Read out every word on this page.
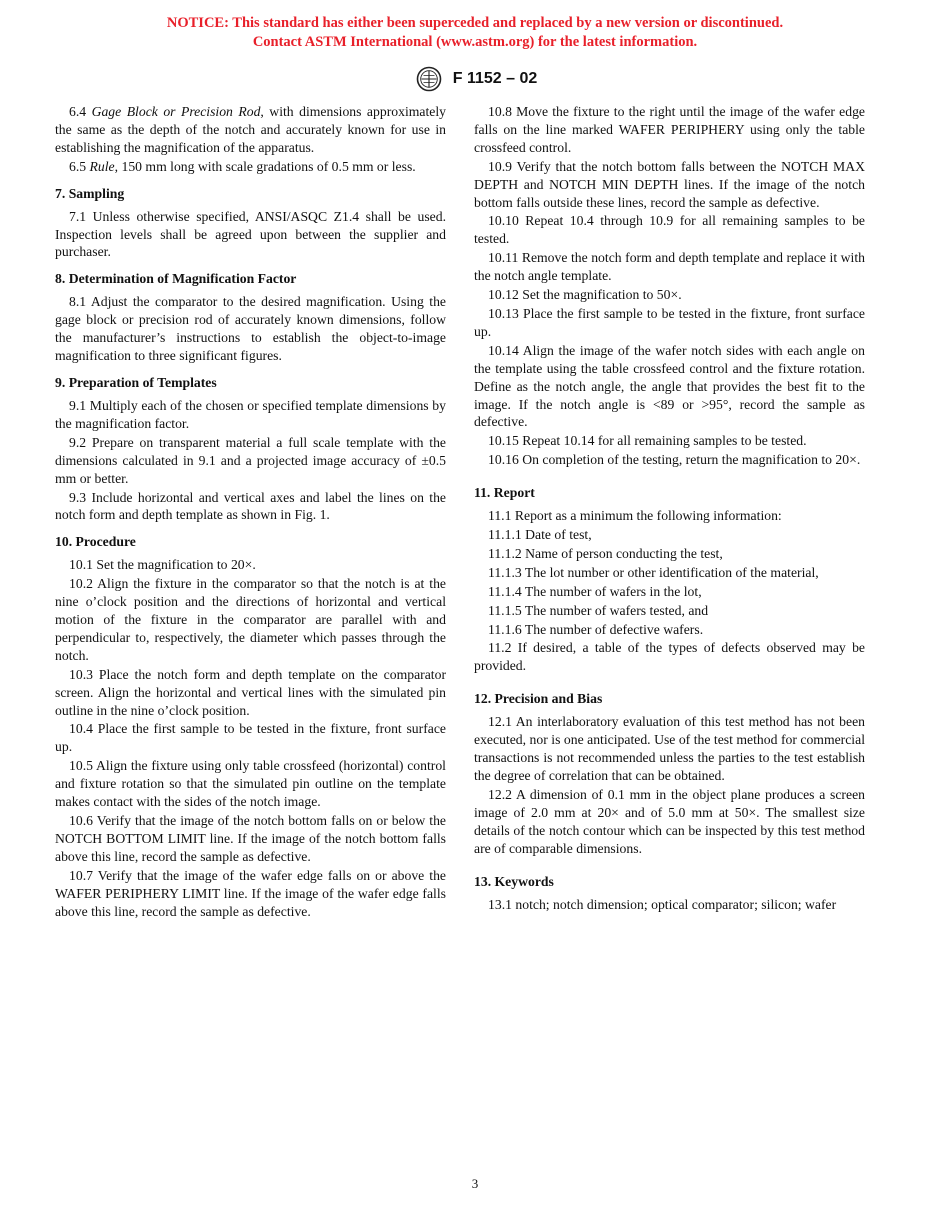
NOTICE: This standard has either been superceded and replaced by a new version or discontinued.
Contact ASTM International (www.astm.org) for the latest information.
F 1152 – 02

6.4 Gage Block or Precision Rod, with dimensions approximately the same as the depth of the notch and accurately known for use in establishing the magnification of the apparatus.

6.5 Rule, 150 mm long with scale gradations of 0.5 mm or less.

7. Sampling

7.1 Unless otherwise specified, ANSI/ASQC Z1.4 shall be used. Inspection levels shall be agreed upon between the supplier and purchaser.

8. Determination of Magnification Factor

8.1 Adjust the comparator to the desired magnification. Using the gage block or precision rod of accurately known dimensions, follow the manufacturer’s instructions to establish the object-to-image magnification to three significant figures.

9. Preparation of Templates

9.1 Multiply each of the chosen or specified template dimensions by the magnification factor.

9.2 Prepare on transparent material a full scale template with the dimensions calculated in 9.1 and a projected image accuracy of ±0.5 mm or better.

9.3 Include horizontal and vertical axes and label the lines on the notch form and depth template as shown in Fig. 1.

10. Procedure

10.1 Set the magnification to 20×.

10.2 Align the fixture in the comparator so that the notch is at the nine o’clock position and the directions of horizontal and vertical motion of the fixture in the comparator are parallel with and perpendicular to, respectively, the diameter which passes through the notch.

10.3 Place the notch form and depth template on the comparator screen. Align the horizontal and vertical lines with the simulated pin outline in the nine o’clock position.

10.4 Place the first sample to be tested in the fixture, front surface up.

10.5 Align the fixture using only table crossfeed (horizontal) control and fixture rotation so that the simulated pin outline on the template makes contact with the sides of the notch image.

10.6 Verify that the image of the notch bottom falls on or below the NOTCH BOTTOM LIMIT line. If the image of the notch bottom falls above this line, record the sample as defective.

10.7 Verify that the image of the wafer edge falls on or above the WAFER PERIPHERY LIMIT line. If the image of the wafer edge falls above this line, record the sample as defective.

10.8 Move the fixture to the right until the image of the wafer edge falls on the line marked WAFER PERIPHERY using only the table crossfeed control.

10.9 Verify that the notch bottom falls between the NOTCH MAX DEPTH and NOTCH MIN DEPTH lines. If the image of the notch bottom falls outside these lines, record the sample as defective.

10.10 Repeat 10.4 through 10.9 for all remaining samples to be tested.

10.11 Remove the notch form and depth template and replace it with the notch angle template.

10.12 Set the magnification to 50×.

10.13 Place the first sample to be tested in the fixture, front surface up.

10.14 Align the image of the wafer notch sides with each angle on the template using the table crossfeed control and the fixture rotation. Define as the notch angle, the angle that provides the best fit to the image. If the notch angle is <89 or >95°, record the sample as defective.

10.15 Repeat 10.14 for all remaining samples to be tested.

10.16 On completion of the testing, return the magnification to 20×.

11. Report

11.1 Report as a minimum the following information:

11.1.1 Date of test,

11.1.2 Name of person conducting the test,

11.1.3 The lot number or other identification of the material,

11.1.4 The number of wafers in the lot,

11.1.5 The number of wafers tested, and

11.1.6 The number of defective wafers.

11.2 If desired, a table of the types of defects observed may be provided.

12. Precision and Bias

12.1 An interlaboratory evaluation of this test method has not been executed, nor is one anticipated. Use of the test method for commercial transactions is not recommended unless the parties to the test establish the degree of correlation that can be obtained.

12.2 A dimension of 0.1 mm in the object plane produces a screen image of 2.0 mm at 20× and of 5.0 mm at 50×. The smallest size details of the notch contour which can be inspected by this test method are of comparable dimensions.

13. Keywords

13.1 notch; notch dimension; optical comparator; silicon; wafer

3
